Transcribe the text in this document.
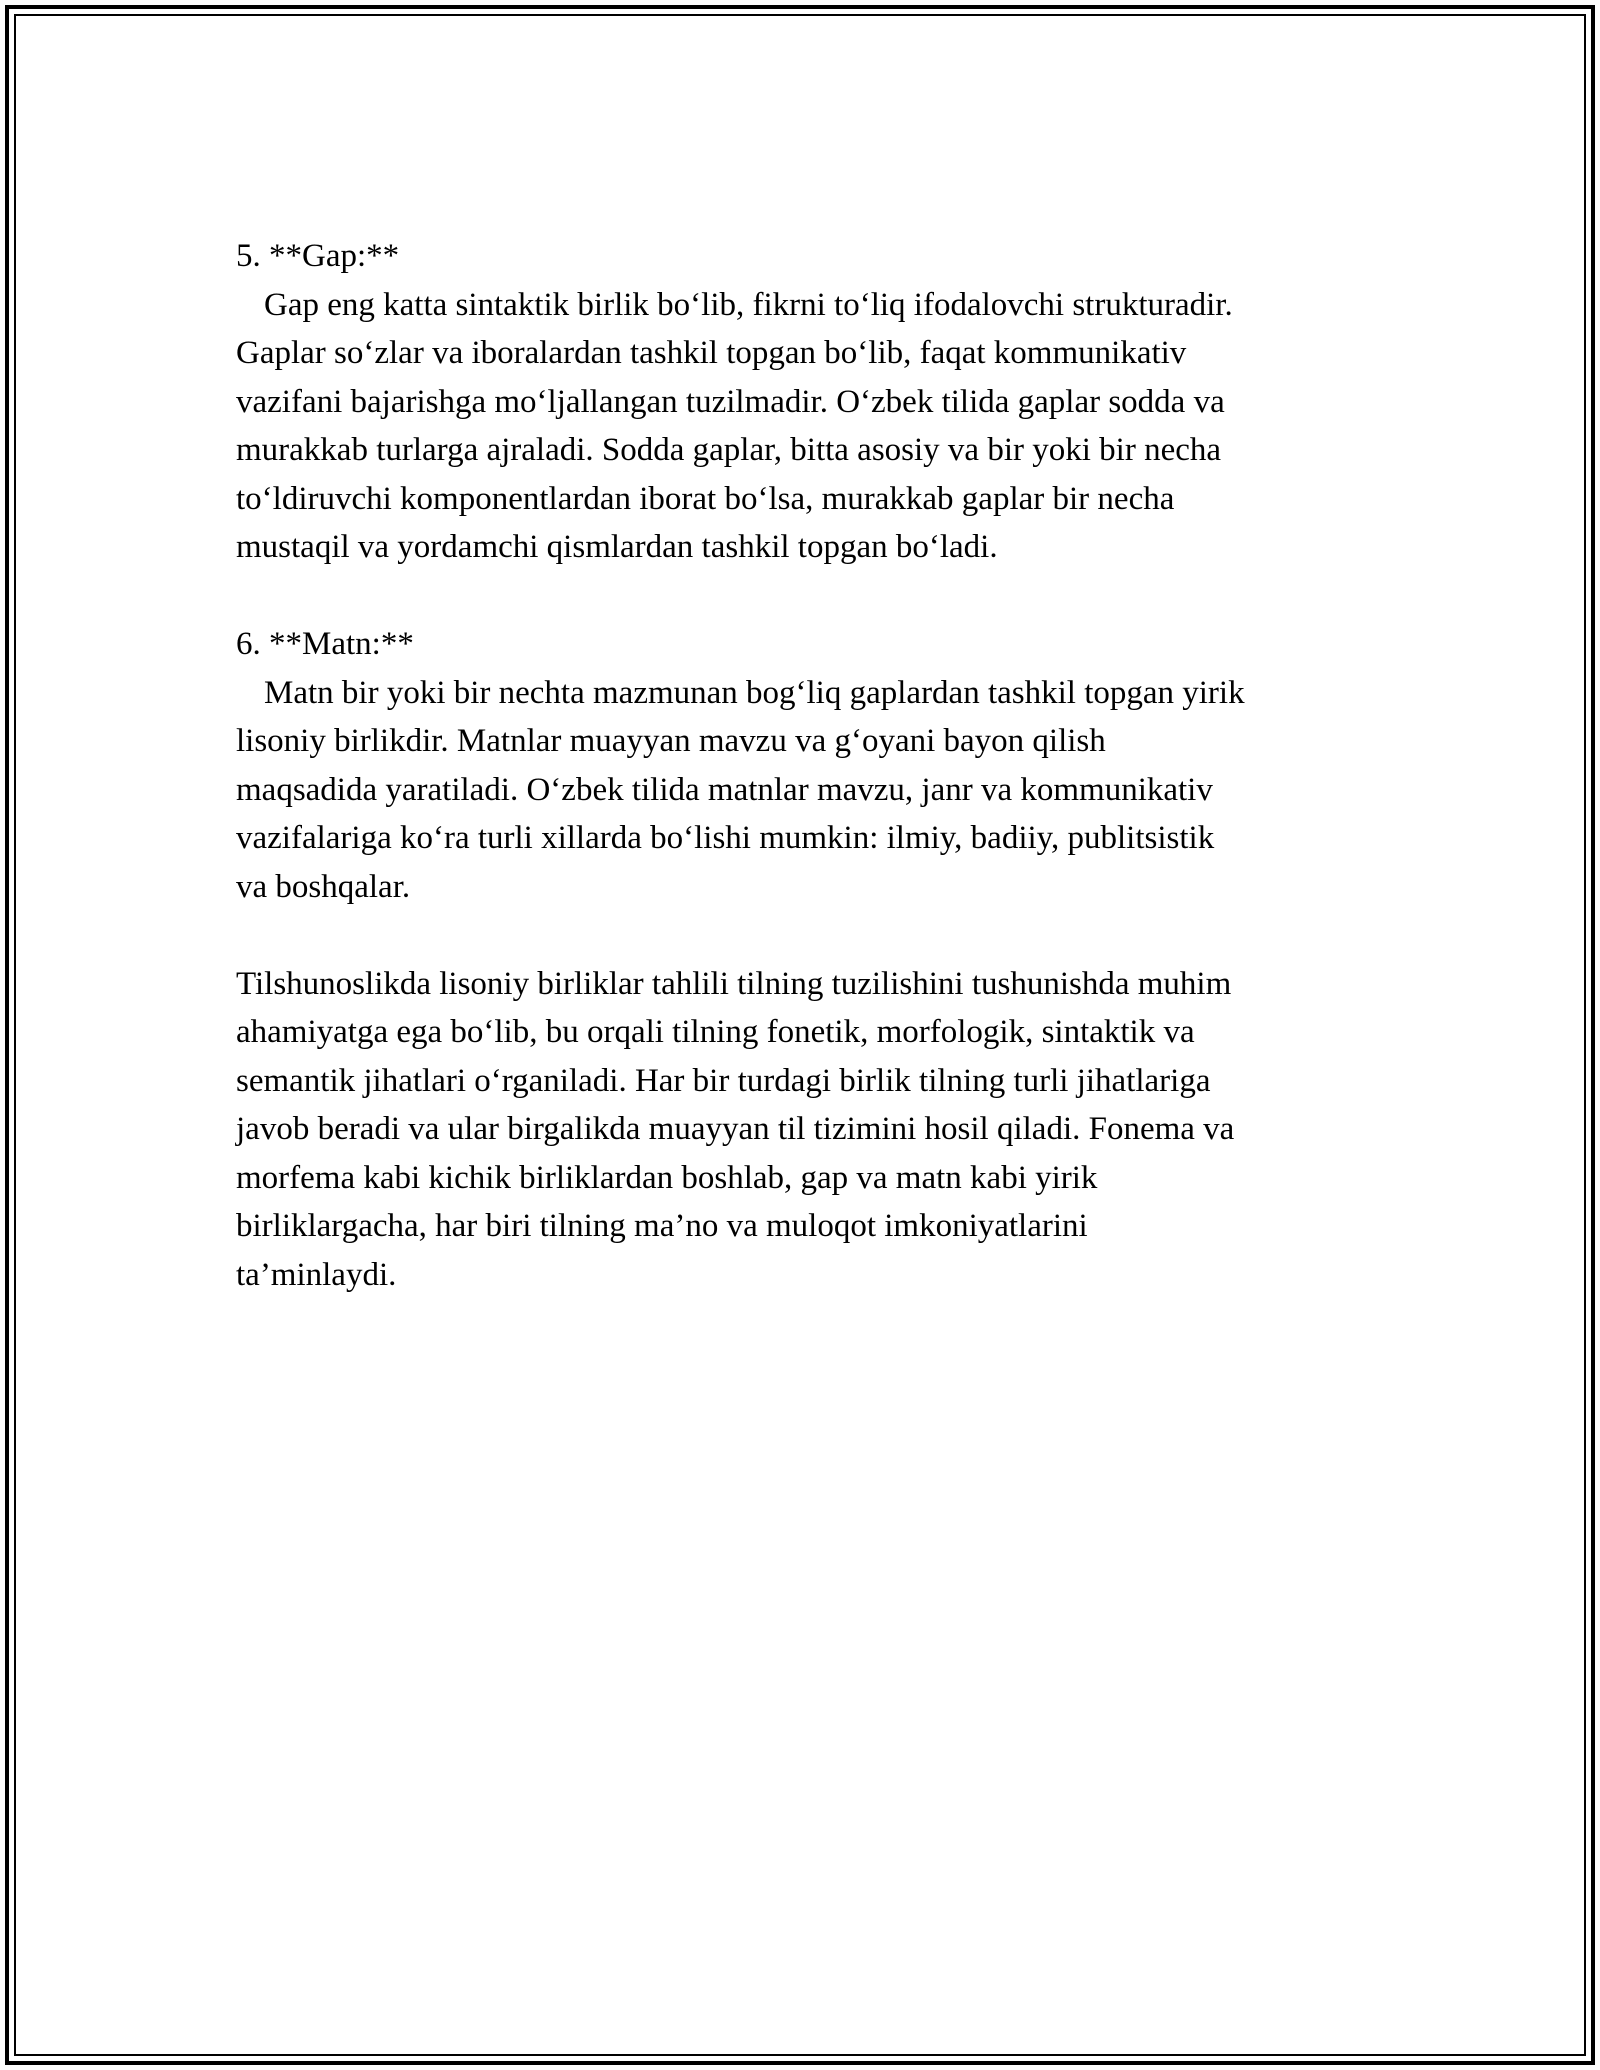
5. **Gap:**
Gap eng katta sintaktik birlik bo‘lib, fikrni to‘liq ifodalovchi strukturadir.
Gaplar so‘zlar va iboralardan tashkil topgan bo‘lib, faqat kommunikativ
vazifani bajarishga mo‘ljallangan tuzilmadir. O‘zbek tilida gaplar sodda va
murakkab turlarga ajraladi. Sodda gaplar, bitta asosiy va bir yoki bir necha
to‘ldiruvchi komponentlardan iborat bo‘lsa, murakkab gaplar bir necha
mustaqil va yordamchi qismlardan tashkil topgan bo‘ladi.
6. **Matn:**
Matn bir yoki bir nechta mazmunan bog‘liq gaplardan tashkil topgan yirik
lisoniy birlikdir. Matnlar muayyan mavzu va g‘oyani bayon qilish
maqsadida yaratiladi. O‘zbek tilida matnlar mavzu, janr va kommunikativ
vazifalariga ko‘ra turli xillarda bo‘lishi mumkin: ilmiy, badiiy, publitsistik
va boshqalar.
Tilshunoslikda lisoniy birliklar tahlili tilning tuzilishini tushunishda muhim
ahamiyatga ega bo‘lib, bu orqali tilning fonetik, morfologik, sintaktik va
semantik jihatlari o‘rganiladi. Har bir turdagi birlik tilning turli jihatlariga
javob beradi va ular birgalikda muayyan til tizimini hosil qiladi. Fonema va
morfema kabi kichik birliklardan boshlab, gap va matn kabi yirik
birliklargacha, har biri tilning ma’no va muloqot imkoniyatlarini
ta’minlaydi.
